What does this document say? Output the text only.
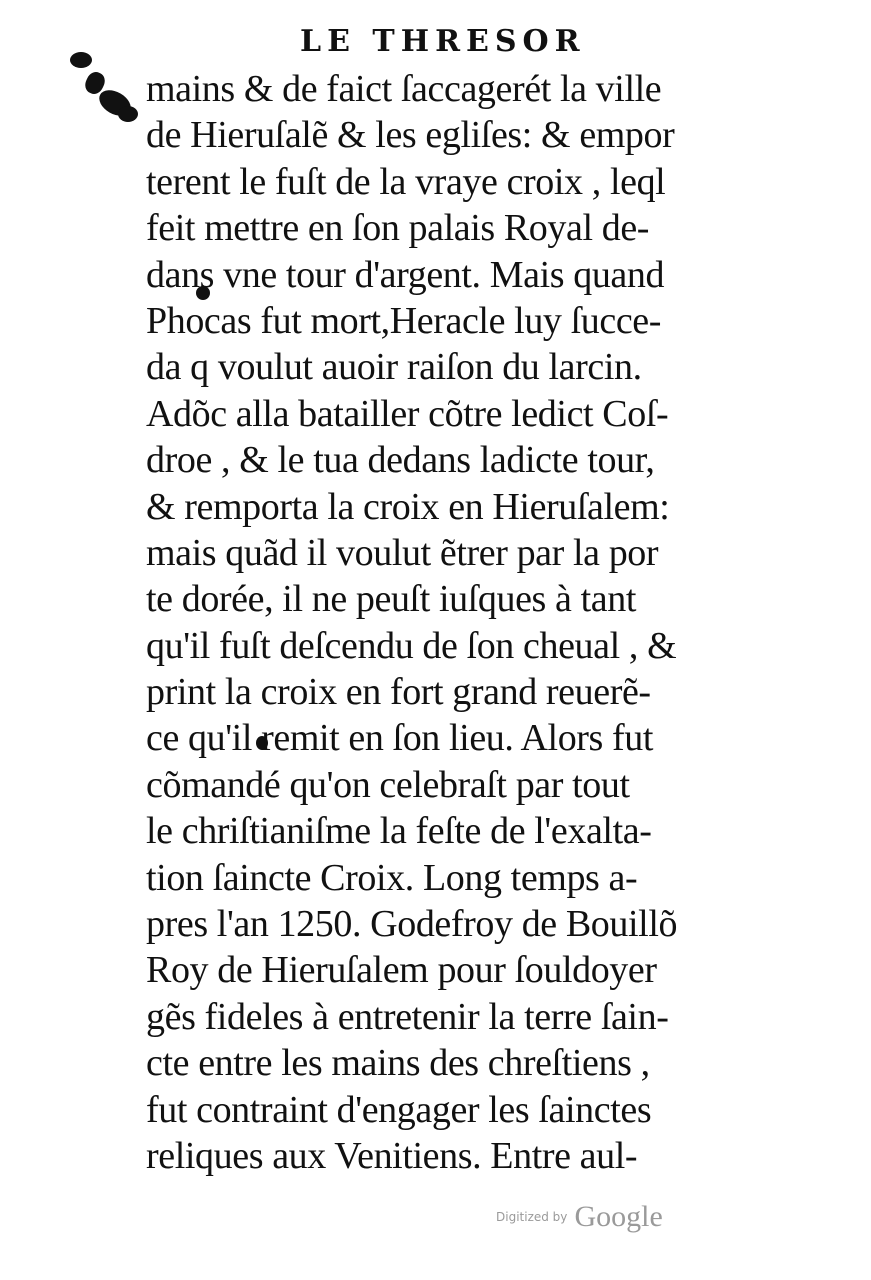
LE THRESOR
mains & de faict ſaccagerét la ville
de Hieruſalẽ & les egliſes: & empor
terent le fuſt de la vraye croix , leql
feit mettre en ſon palais Royal de-
dans vne tour d'argent. Mais quand
Phocas fut mort,Heracle luy ſucce-
da q voulut auoir raiſon du larcin.
Adõc alla batailler cõtre ledict Coſ-
droe , & le tua dedans ladicte tour,
& remporta la croix en Hieruſalem:
mais quãd il voulut ẽtrer par la por
te dorée, il ne peuſt iuſques à tant
qu'il fuſt deſcendu de ſon cheual , &
print la croix en fort grand reuerẽ-
ce qu'il remit en ſon lieu. Alors fut
cõmandé qu'on celebraſt par tout
le chriſtianiſme la feſte de l'exalta-
tion ſaincte Croix. Long temps a-
pres l'an 1250. Godefroy de Bouillõ
Roy de Hieruſalem pour ſouldoyer
gẽs fideles à entretenir la terre ſain-
cte entre les mains des chreſtiens ,
fut contraint d'engager les ſainctes
reliques aux Venitiens. Entre aul-
Digitized by Google
